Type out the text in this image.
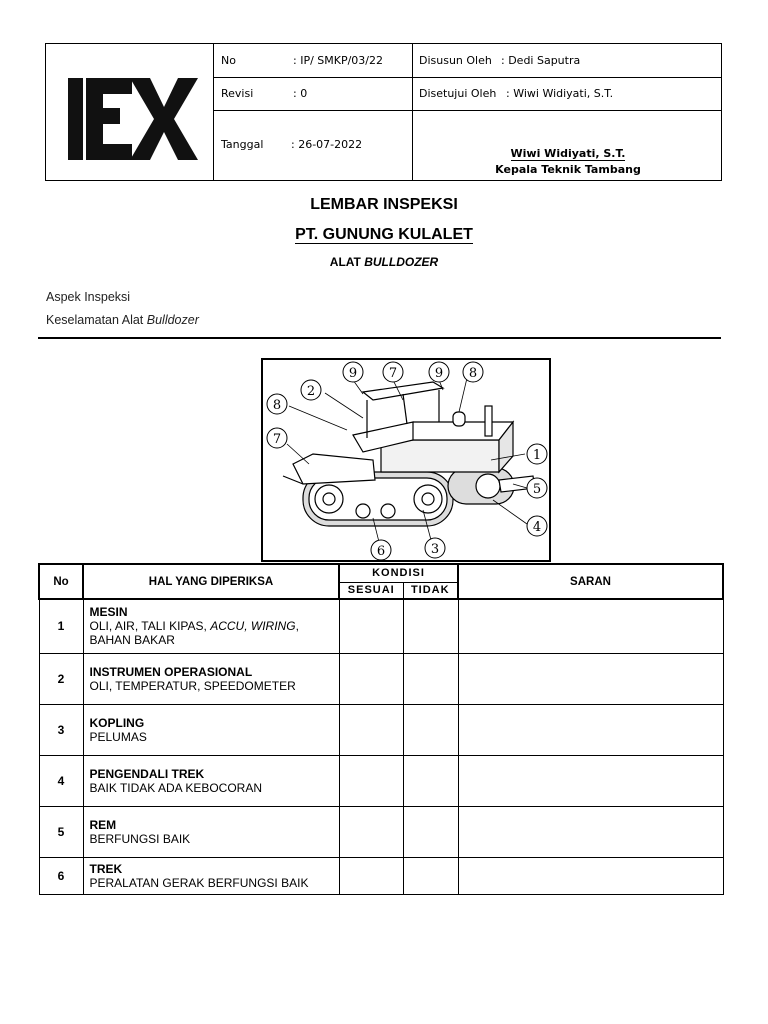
No	: IP/ SMKP/03/22
Revisi	: 0
Tanggal	: 26-07-2022
Disusun Oleh : Dedi Saputra
Disetujui Oleh : Wiwi Widiyati, S.T.
Wiwi Widiyati, S.T.
Kepala Teknik Tambang
LEMBAR INSPEKSI
PT. GUNUNG KULALET
ALAT BULLDOZER
Aspek Inspeksi
Keselamatan Alat Bulldozer
9 7	9 8
2
8
7
1
5
4
3
6
No	HAL YANG DIPERIKSA	KONDISI		SARAN
		SESUAI	TIDAK	
1	MESIN
OLI, AIR, TALI KIPAS, ACCU, WIRING,
BAHAN BAKAR			

2	INSTRUMEN OPERASIONAL
OLI, TEMPERATUR, SPEEDOMETER			

3	KOPLING
PELUMAS			

4	PENGENDALI TREK
BAIK TIDAK ADA KEBOCORAN			

5	REM
BERFUNGSI BAIK			

6	TREK
PERALATAN GERAK BERFUNGSI BAIK			
